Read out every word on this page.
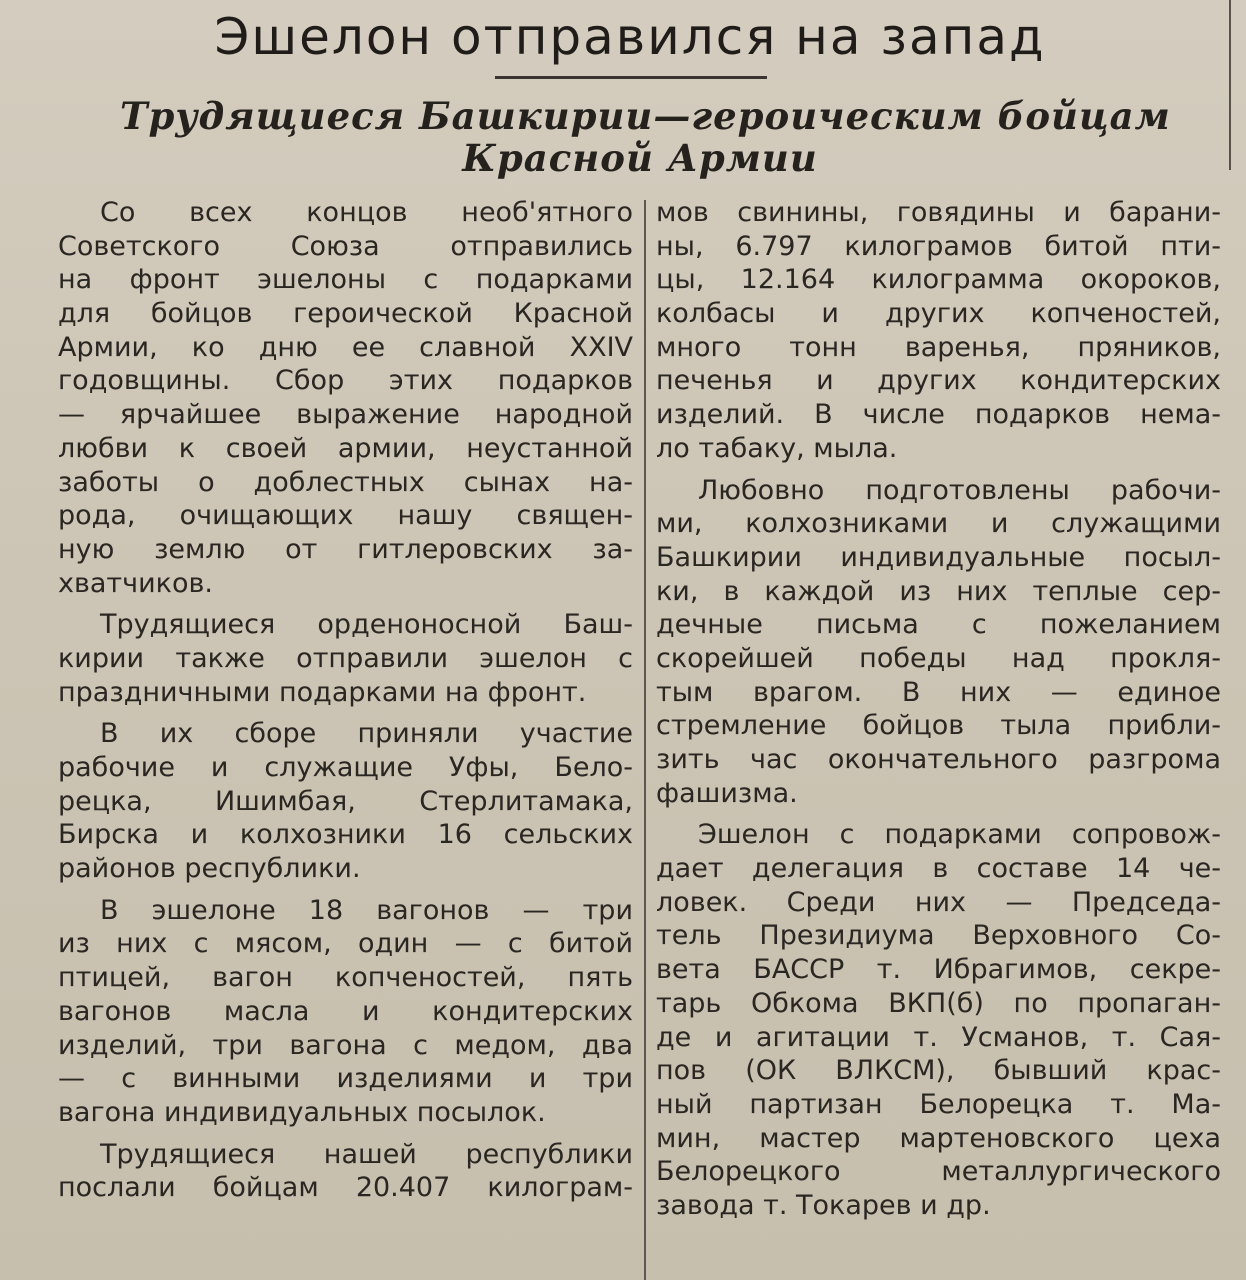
Эшелон отправился на запад
Трудящиеся Башкирии—героическим бойцам
Красной Армии
Со всех концов необ'ятного
Советского Союза отправились
на фронт эшелоны с подарками
для бойцов героической Красной
Армии, ко дню ее славной XXIV
годовщины. Сбор этих подарков
— ярчайшее выражение народной
любви к своей армии, неустанной
заботы о доблестных сынах на-
рода, очищающих нашу священ-
ную землю от гитлеровских за-
хватчиков.
Трудящиеся орденоносной Баш-
кирии также отправили эшелон с
праздничными подарками на фронт.
В их сборе приняли участие
рабочие и служащие Уфы, Бело-
рецка, Ишимбая, Стерлитамака,
Бирска и колхозники 16 сельских
районов республики.
В эшелоне 18 вагонов — три
из них с мясом, один — с битой
птицей, вагон копченостей, пять
вагонов масла и кондитерских
изделий, три вагона с медом, два
— с винными изделиями и три
вагона индивидуальных посылок.
Трудящиеся нашей республики
послали бойцам 20.407 килограм-
мов свинины, говядины и барани-
ны, 6.797 килограмов битой пти-
цы, 12.164 килограмма окороков,
колбасы и других копченостей,
много тонн варенья, пряников,
печенья и других кондитерских
изделий. В числе подарков нема-
ло табаку, мыла.
Любовно подготовлены рабочи-
ми, колхозниками и служащими
Башкирии индивидуальные посыл-
ки, в каждой из них теплые сер-
дечные письма с пожеланием
скорейшей победы над прокля-
тым врагом. В них — единое
стремление бойцов тыла прибли-
зить час окончательного разгрома
фашизма.
Эшелон с подарками сопровож-
дает делегация в составе 14 че-
ловек. Среди них — Председа-
тель Президиума Верховного Со-
вета БАССР т. Ибрагимов, секре-
тарь Обкома ВКП(б) по пропаган-
де и агитации т. Усманов, т. Сая-
пов (ОК ВЛКСМ), бывший крас-
ный партизан Белорецка т. Ма-
мин, мастер мартеновского цеха
Белорецкого металлургического
завода т. Токарев и др.
